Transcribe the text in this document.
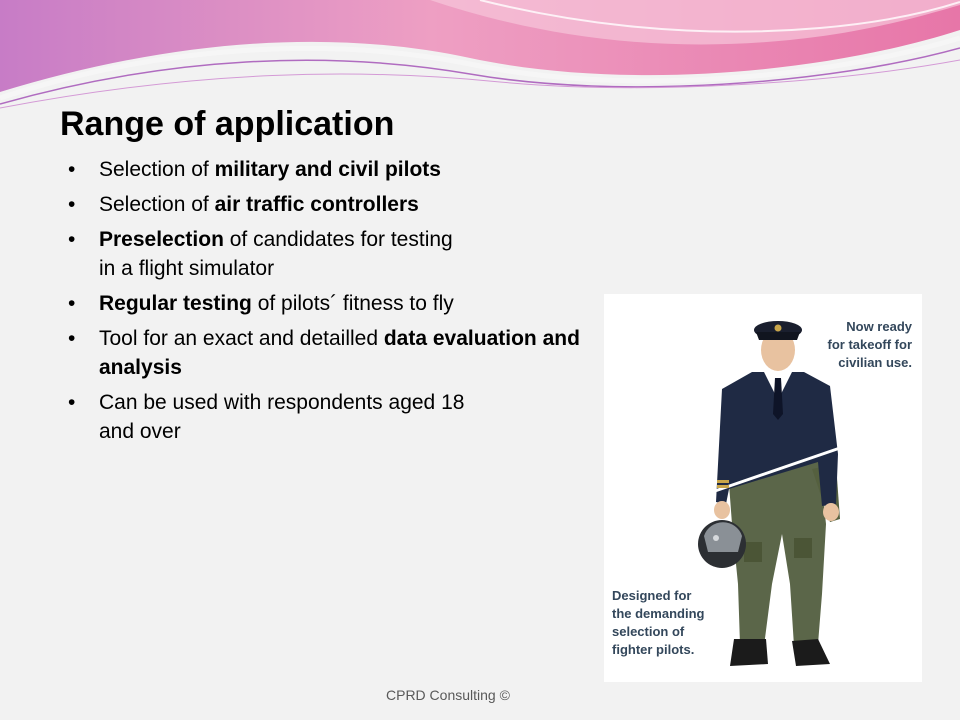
Range of application
• Selection of military and civil pilots
• Selection of air traffic controllers
• Preselection of candidates for testing
in a flight simulator
• Regular testing of pilots´ fitness to fly
• Tool for an exact and detailled data evaluation and
analysis
• Can be used with respondents aged 18
and over

Now ready
for takeoff for
civilian use.

Designed for
the demanding
selection of
fighter pilots.

CPRD Consulting ©
